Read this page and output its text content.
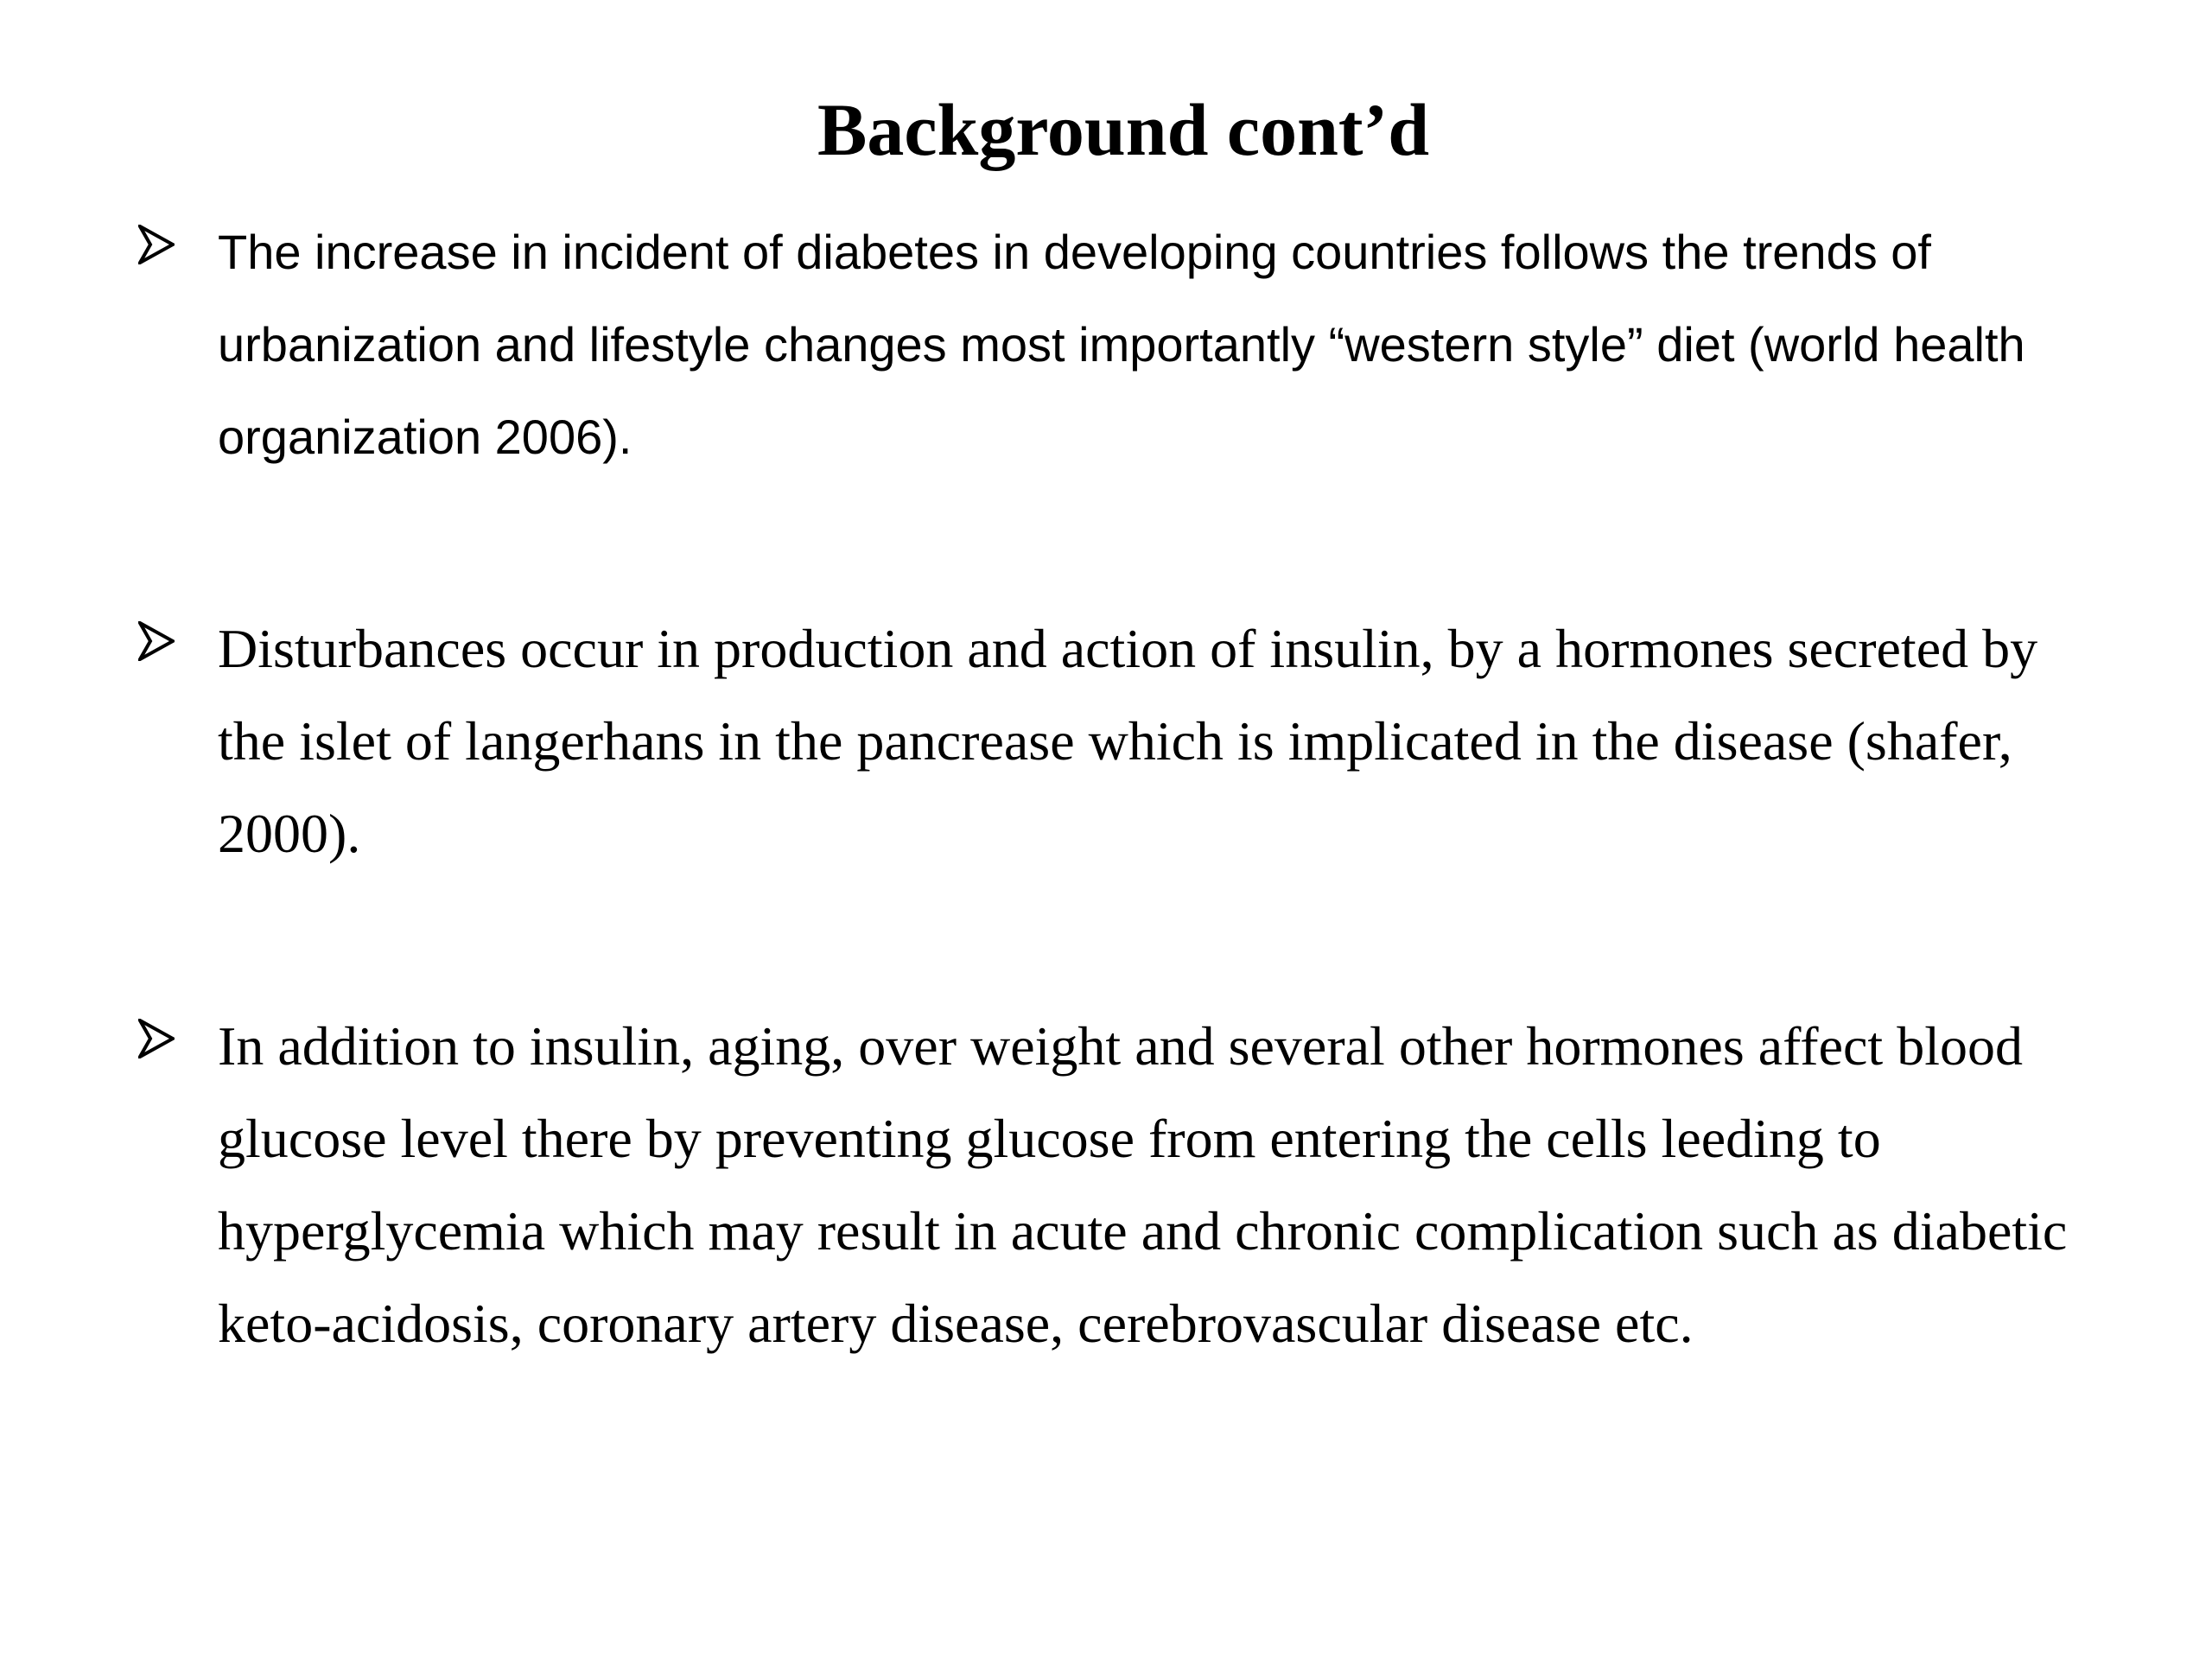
Background cont’d

The increase in incident of diabetes in developing countries follows the trends of urbanization and lifestyle changes most importantly “western style” diet (world health organization 2006).

Disturbances occur in production and action of insulin, by a hormones secreted by the islet of langerhans in the pancrease which is implicated in the disease (shafer, 2000).

In addition to insulin, aging, over weight and several other hormones affect blood glucose level there by preventing glucose from entering the cells leeding to hyperglycemia which may result in acute and chronic complication such as diabetic keto-acidosis, coronary artery disease, cerebrovascular disease etc.
